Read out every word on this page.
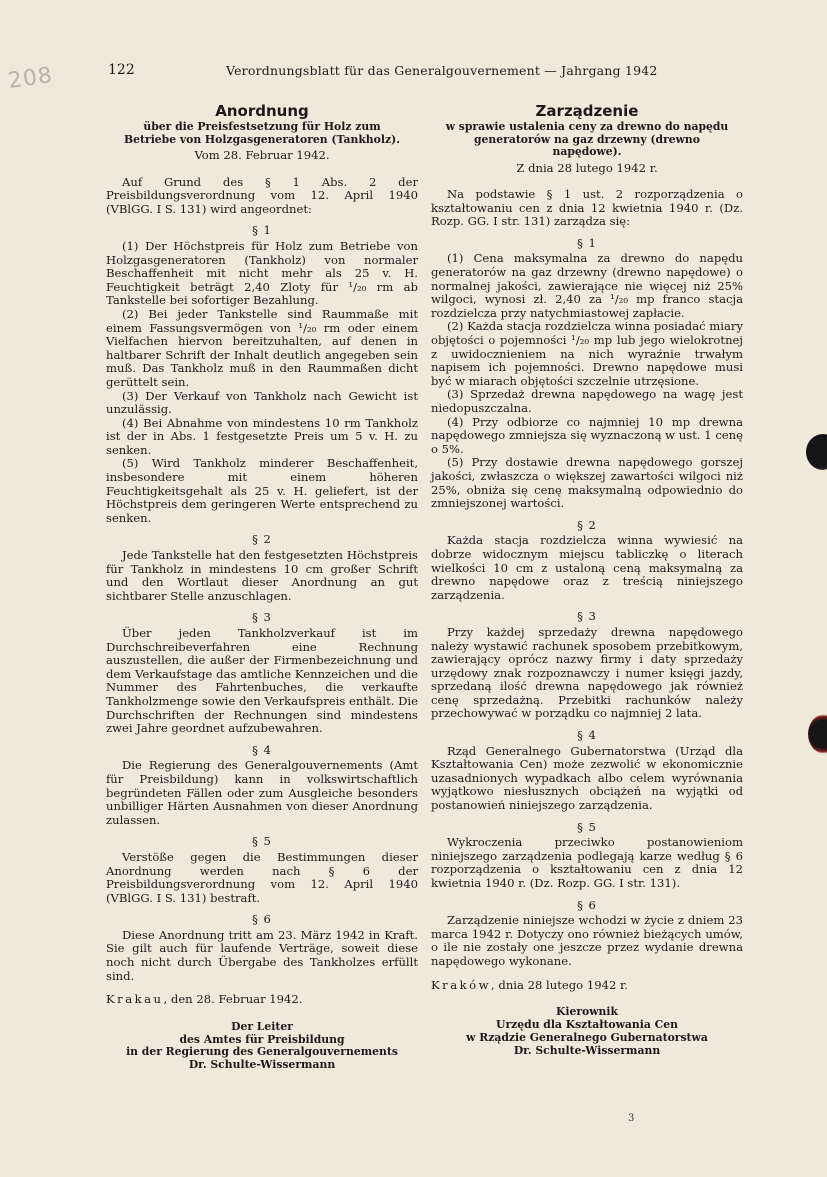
208	122	Verordnungsblatt für das Generalgouvernement — Jahrgang 1942
Anordnung
über die Preisfestsetzung für Holz zum Betriebe von Holzgasgeneratoren (Tankholz).
Vom 28. Februar 1942.

Auf Grund des § 1 Abs. 2 der Preisbildungsverordnung vom 12. April 1940 (VBlGG. I S. 131) wird angeordnet:

§ 1

(1) Der Höchstpreis für Holz zum Betriebe von Holzgasgeneratoren (Tankholz) von normaler Beschaffenheit mit nicht mehr als 25 v. H. Feuchtigkeit beträgt 2,40 Zloty für ¹/₂₀ rm ab Tankstelle bei sofortiger Bezahlung.

(2) Bei jeder Tankstelle sind Raummaße mit einem Fassungsvermögen von ¹/₂₀ rm oder einem Vielfachen hiervon bereitzuhalten, auf denen in haltbarer Schrift der Inhalt deutlich angegeben sein muß. Das Tankholz muß in den Raummaßen dicht gerüttelt sein.

(3) Der Verkauf von Tankholz nach Gewicht ist unzulässig.

(4) Bei Abnahme von mindestens 10 rm Tankholz ist der in Abs. 1 festgesetzte Preis um 5 v. H. zu senken.

(5) Wird Tankholz minderer Beschaffenheit, insbesondere mit einem höheren Feuchtigkeitsgehalt als 25 v. H. geliefert, ist der Höchstpreis dem geringeren Werte entsprechend zu senken.

§ 2

Jede Tankstelle hat den festgesetzten Höchstpreis für Tankholz in mindestens 10 cm großer Schrift und den Wortlaut dieser Anordnung an gut sichtbarer Stelle anzuschlagen.

§ 3

Über jeden Tankholzverkauf ist im Durchschreibeverfahren eine Rechnung auszustellen, die außer der Firmenbezeichnung und dem Verkaufstage das amtliche Kennzeichen und die Nummer des Fahrtenbuches, die verkaufte Tankholzmenge sowie den Verkaufspreis enthält. Die Durchschriften der Rechnungen sind mindestens zwei Jahre geordnet aufzubewahren.

§ 4

Die Regierung des Generalgouvernements (Amt für Preisbildung) kann in volkswirtschaftlich begründeten Fällen oder zum Ausgleiche besonders unbilliger Härten Ausnahmen von dieser Anordnung zulassen.

§ 5

Verstöße gegen die Bestimmungen dieser Anordnung werden nach § 6 der Preisbildungsverordnung vom 12. April 1940 (VBlGG. I S. 131) bestraft.

§ 6

Diese Anordnung tritt am 23. März 1942 in Kraft. Sie gilt auch für laufende Verträge, soweit diese noch nicht durch Übergabe des Tankholzes erfüllt sind.

Krakau, den 28. Februar 1942.

Der Leiter

des Amtes für Preisbildung

in der Regierung des Generalgouvernements

Dr. Schulte-Wissermann

Zarządzenie
w sprawie ustalenia ceny za drewno do napędu generatorów na gaz drzewny (drewno napędowe).
Z dnia 28 lutego 1942 r.

Na podstawie § 1 ust. 2 rozporządzenia o kształtowaniu cen z dnia 12 kwietnia 1940 r. (Dz. Rozp. GG. I str. 131) zarządza się:

§ 1

(1) Cena maksymalna za drewno do napędu generatorów na gaz drzewny (drewno napędowe) o normalnej jakości, zawierające nie więcej niż 25% wilgoci, wynosi zł. 2,40 za ¹/₂₀ mp franco stacja rozdzielcza przy natychmiastowej zapłacie.

(2) Każda stacja rozdzielcza winna posiadać miary objętości o pojemności ¹/₂₀ mp lub jego wielokrotnej z uwidocznieniem na nich wyraźnie trwałym napisem ich pojemności. Drewno napędowe musi być w miarach objętości szczelnie utrzęsione.

(3) Sprzedaż drewna napędowego na wagę jest niedopuszczalna.

(4) Przy odbiorze co najmniej 10 mp drewna napędowego zmniejsza się wyznaczoną w ust. 1 cenę o 5%.

(5) Przy dostawie drewna napędowego gorszej jakości, zwłaszcza o większej zawartości wilgoci niż 25%, obniża się cenę maksymalną odpowiednio do zmniejszonej wartości.

§ 2

Każda stacja rozdzielcza winna wywiesić na dobrze widocznym miejscu tabliczkę o literach wielkości 10 cm z ustaloną ceną maksymalną za drewno napędowe oraz z treścią niniejszego zarządzenia.

§ 3

Przy każdej sprzedaży drewna napędowego należy wystawić rachunek sposobem przebitkowym, zawierający oprócz nazwy firmy i daty sprzedaży urzędowy znak rozpoznawczy i numer księgi jazdy, sprzedaną ilość drewna napędowego jak również cenę sprzedażną. Przebitki rachunków należy przechowywać w porządku co najmniej 2 lata.

§ 4

Rząd Generalnego Gubernatorstwa (Urząd dla Kształtowania Cen) może zezwolić w ekonomicznie uzasadnionych wypadkach albo celem wyrównania wyjątkowo niesłusznych obciążeń na wyjątki od postanowień niniejszego zarządzenia.

§ 5

Wykroczenia przeciwko postanowieniom niniejszego zarządzenia podlegają karze według § 6 rozporządzenia o kształtowaniu cen z dnia 12 kwietnia 1940 r. (Dz. Rozp. GG. I str. 131).

§ 6

Zarządzenie niniejsze wchodzi w życie z dniem 23 marca 1942 r. Dotyczy ono również bieżących umów, o ile nie zostały one jeszcze przez wydanie drewna napędowego wykonane.

Kraków, dnia 28 lutego 1942 r.

Kierownik

Urzędu dla Kształtowania Cen

w Rządzie Generalnego Gubernatorstwa

Dr. Schulte-Wissermann

3
